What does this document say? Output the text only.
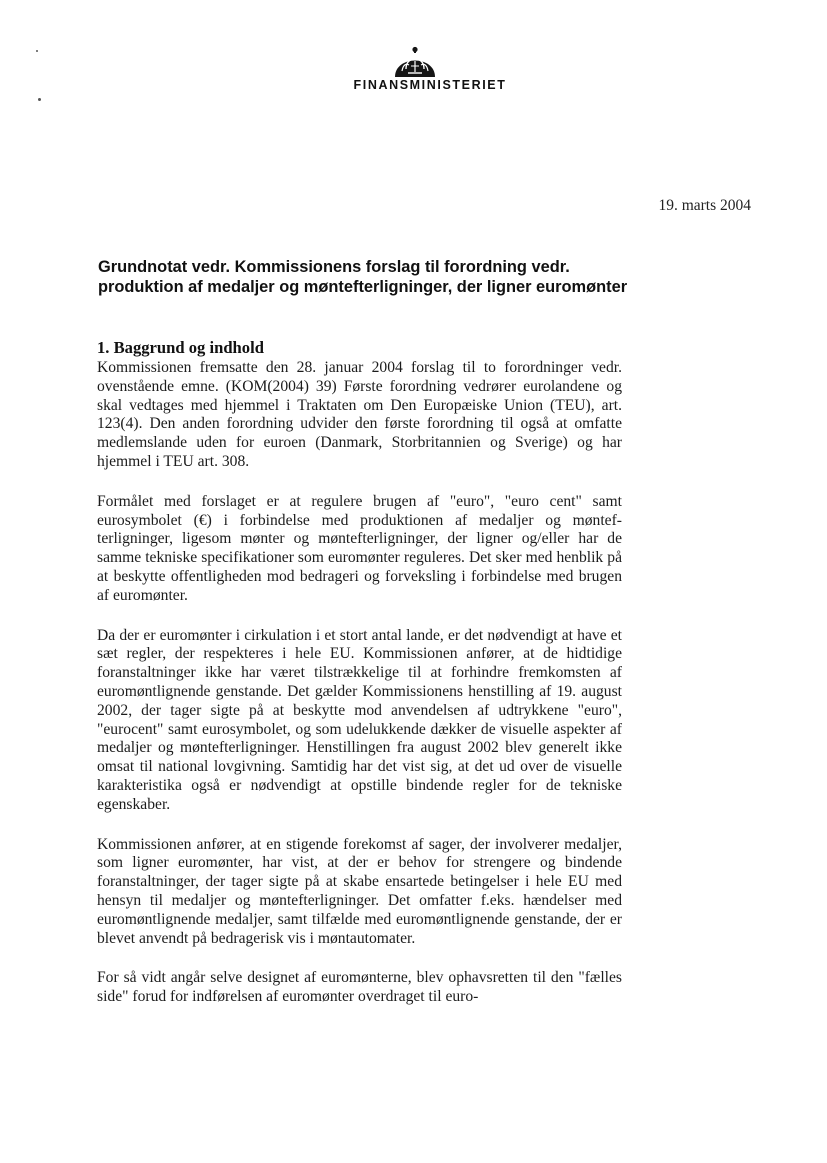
FINANSMINISTERIET
19. marts 2004
Grundnotat vedr. Kommissionens forslag til forordning vedr. produktion af medaljer og møntefterligninger, der ligner euromønter
1. Baggrund og indhold

Kommissionen fremsatte den 28. januar 2004 forslag til to forordninger vedr. ovenstående emne. (KOM(2004) 39) Første forordning vedrører eurolandene og skal vedtages med hjemmel i Traktaten om Den Europæiske Union (TEU), art. 123(4). Den anden forordning udvider den første forordning til også at omfatte medlemslande uden for euroen (Danmark, Storbritannien og Sverige) og har hjemmel i TEU art. 308.

Formålet med forslaget er at regulere brugen af "euro", "euro cent" samt eurosymbolet (€) i forbindelse med produktionen af medaljer og møntefterligninger, ligesom mønter og møntefterligninger, der ligner og/eller har de samme tekniske specifikationer som euromønter reguleres. Det sker med henblik på at beskytte offentligheden mod bedrageri og forveksling i forbindelse med brugen af euromønter.

Da der er euromønter i cirkulation i et stort antal lande, er det nødvendigt at have et sæt regler, der respekteres i hele EU. Kommissionen anfører, at de hidtidige foranstaltninger ikke har været tilstrækkelige til at forhindre fremkomsten af euromøntlignende genstande. Det gælder Kommissionens henstilling af 19. august 2002, der tager sigte på at beskytte mod anvendelsen af udtrykkene "euro", "eurocent" samt eurosymbolet, og som udelukkende dækker de visuelle aspekter af medaljer og møntefterligninger. Henstillingen fra august 2002 blev generelt ikke omsat til national lovgivning. Samtidig har det vist sig, at det ud over de visuelle karakteristika også er nødvendigt at opstille bindende regler for de tekniske egenskaber.

Kommissionen anfører, at en stigende forekomst af sager, der involverer medaljer, som ligner euromønter, har vist, at der er behov for strengere og bindende foranstaltninger, der tager sigte på at skabe ensartede betingelser i hele EU med hensyn til medaljer og møntefterligninger. Det omfatter f.eks. hændelser med euromøntlignende medaljer, samt tilfælde med euromøntlignende genstande, der er blevet anvendt på bedragerisk vis i møntautomater.

For så vidt angår selve designet af euromønterne, blev ophavsretten til den "fælles side" forud for indførelsen af euromønter overdraget til euro-
